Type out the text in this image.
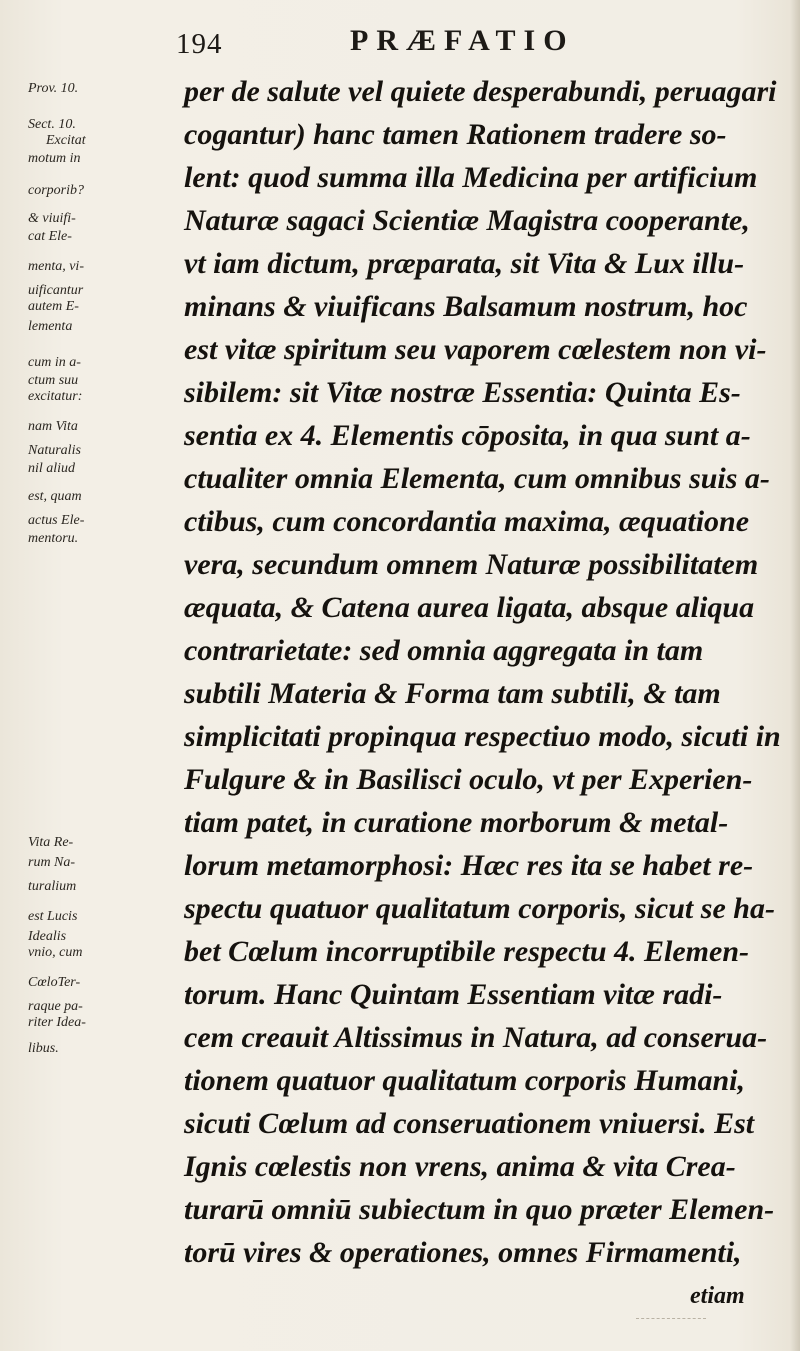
194	PRÆFATIO
Prov. 10.
Sect. 10.
Excitat
motum in
corporib?
& viuifi-
cat Ele-
menta, vi-
uificantur
autem E-
lementa
cum in a-
ctum suu
excitatur:
nam Vita
Naturalis
nil aliud
est, quam
actus Ele-
mentoru.
Vita Re-
rum Na-
turalium
est Lucis
Idealis
vnio, cum
CœloTer-
raque pa-
riter Idea-
libus.
per de salute vel quiete desperabundi, peruagari
cogantur) hanc tamen Rationem tradere so-
lent: quod summa illa Medicina per artificium
Naturæ sagaci Scientiæ Magistra cooperante,
vt iam dictum, præparata, sit Vita & Lux illu-
minans & viuificans Balsamum nostrum, hoc
est vitæ spiritum seu vaporem cœlestem non vi-
sibilem: sit Vitæ nostræ Essentia: Quinta Es-
sentia ex 4. Elementis cōposita, in qua sunt a-
ctualiter omnia Elementa, cum omnibus suis a-
ctibus, cum concordantia maxima, æquatione
vera, secundum omnem Naturæ possibilitatem
æquata, & Catena aurea ligata, absque aliqua
contrarietate: sed omnia aggregata in tam
subtili Materia & Forma tam subtili, & tam
simplicitati propinqua respectiuo modo, sicuti in
Fulgure & in Basilisci oculo, vt per Experien-
tiam patet, in curatione morborum & metal-
lorum metamorphosi: Hæc res ita se habet re-
spectu quatuor qualitatum corporis, sicut se ha-
bet Cœlum incorruptibile respectu 4. Elemen-
torum. Hanc Quintam Essentiam vitæ radi-
cem creauit Altissimus in Natura, ad conserua-
tionem quatuor qualitatum corporis Humani,
sicuti Cœlum ad conseruationem vniuersi. Est
Ignis cœlestis non vrens, anima & vita Crea-
turarū omniū subiectum in quo præter Elemen-
torū vires & operationes, omnes Firmamenti,
etiam
